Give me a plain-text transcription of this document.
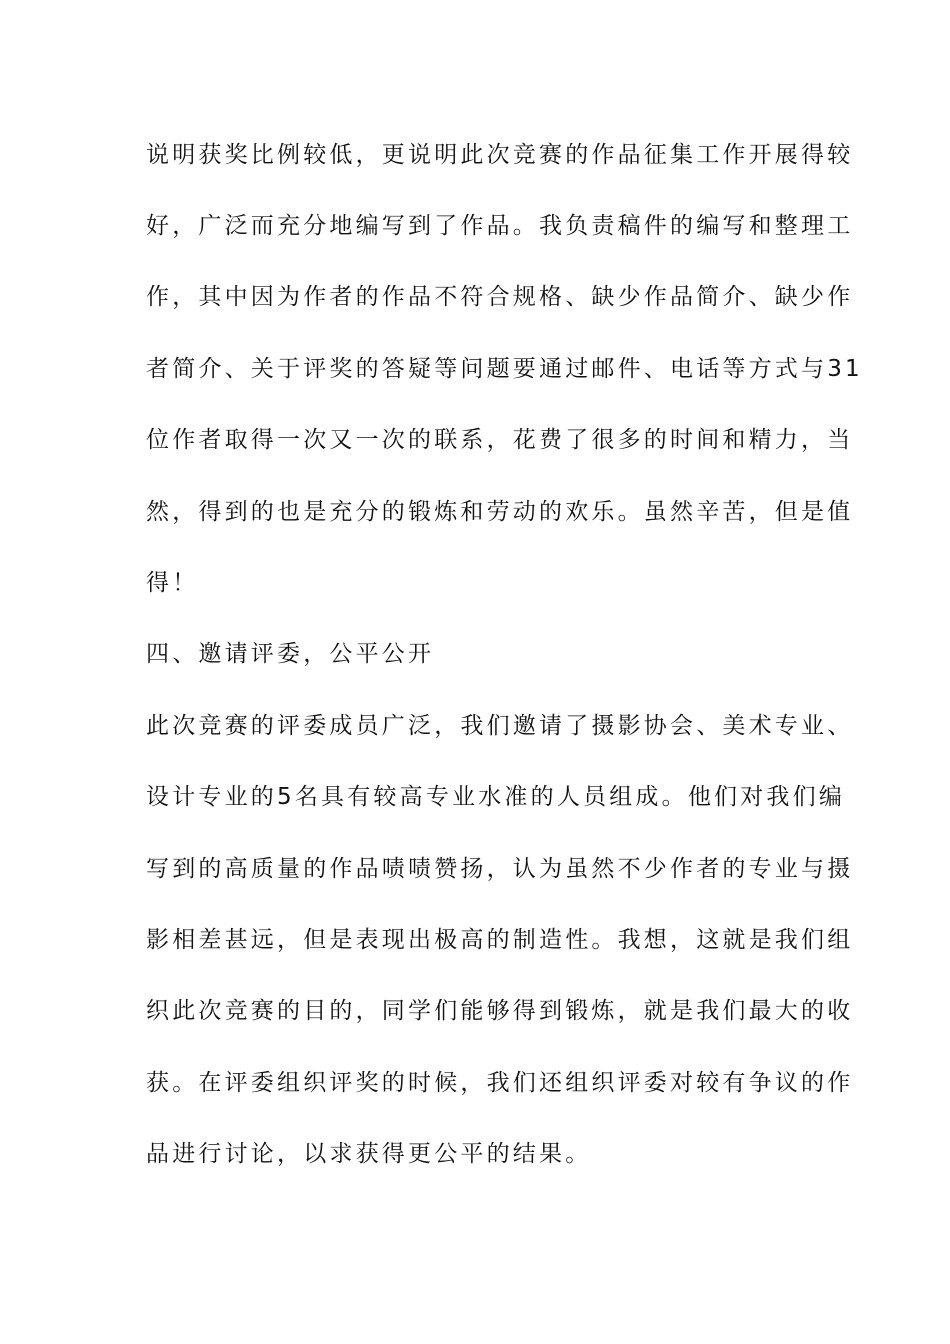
说明获奖比例较低，更说明此次竞赛的作品征集工作开展得较
好，广泛而充分地编写到了作品。我负责稿件的编写和整理工
作，其中因为作者的作品不符合规格、缺少作品简介、缺少作
者简介、关于评奖的答疑等问题要通过邮件、电话等方式与31
位作者取得一次又一次的联系，花费了很多的时间和精力，当
然，得到的也是充分的锻炼和劳动的欢乐。虽然辛苦，但是值
得！
四、邀请评委，公平公开
此次竞赛的评委成员广泛，我们邀请了摄影协会、美术专业、
设计专业的5名具有较高专业水准的人员组成。他们对我们编
写到的高质量的作品啧啧赞扬，认为虽然不少作者的专业与摄
影相差甚远，但是表现出极高的制造性。我想，这就是我们组
织此次竞赛的目的，同学们能够得到锻炼，就是我们最大的收
获。在评委组织评奖的时候，我们还组织评委对较有争议的作
品进行讨论，以求获得更公平的结果。
